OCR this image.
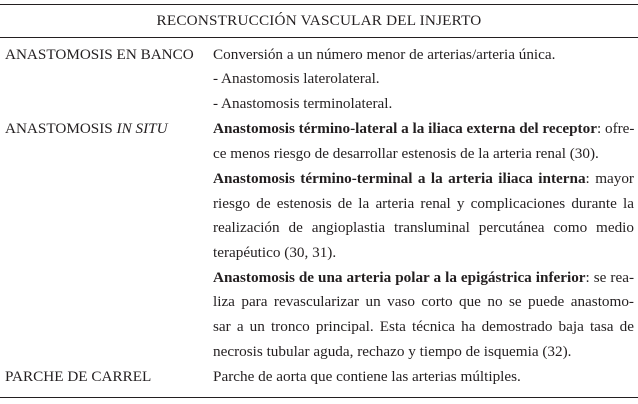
RECONSTRUCCIÓN VASCULAR DEL INJERTO
ANASTOMOSIS EN BANCO Conversión a un número menor de arterias/arteria única.
- Anastomosis laterolateral.
- Anastomosis terminolateral.
ANASTOMOSIS IN SITU	Anastomosis término-lateral a la iliaca externa del receptor: ofre-
ce menos riesgo de desarrollar estenosis de la arteria renal (30).
Anastomosis término-terminal a la arteria iliaca interna: mayor
riesgo de estenosis de la arteria renal y complicaciones durante la
realización de angioplastia transluminal percutánea como medio
terapéutico (30, 31).
Anastomosis de una arteria polar a la epigástrica inferior: se rea-
liza para revascularizar un vaso corto que no se puede anastomo-
sar a un tronco principal. Esta técnica ha demostrado baja tasa de
necrosis tubular aguda, rechazo y tiempo de isquemia (32).
PARCHE DE CARREL	Parche de aorta que contiene las arterias múltiples.
